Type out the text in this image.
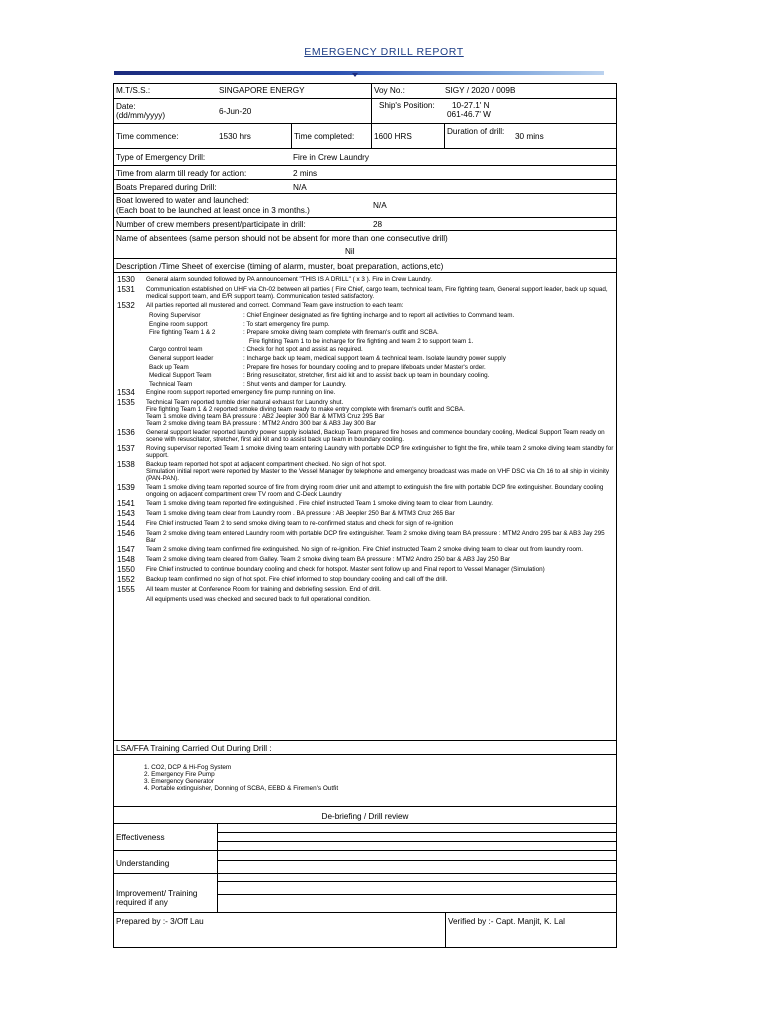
EMERGENCY DRILL REPORT
M.T/S.S.:	SINGAPORE ENERGY	Voy No.:	SIGY / 2020 / 009B
Date:
(dd/mm/yyyy)	6-Jun-20
Ship's Position: 10-27.1' N
061-46.7' W
Time commence:	1530 hrs	Time completed: 1600 HRS
Duration of drill:
30 mins
Type of Emergency Drill:	Fire in Crew Laundry
Time from alarm till ready for action:	2 mins
Boats Prepared during Drill:	N/A
Boat lowered to water and launched:
(Each boat to be launched at least once in 3 months.)
N/A
Number of crew members present/participate in drill:	28
Name of absentees (same person should not be absent for more than one consecutive drill)
Nil
Description /Time Sheet of exercise (timing of alarm, muster, boat preparation, actions,etc)
1530	General alarm sounded followed by PA announcement "THIS IS A DRILL" ( x 3 ). Fire in Crew Laundry.
1531	Communication established on UHF via Ch-02 between all parties ( Fire Chief, cargo team, technical team, Fire fighting team, General support leader, back up squad, medical support team, and E/R support team). Communication tested satisfactory.
1532	All parties reported all mustered and correct. Command Team gave instruction to each team:
Roving Supervisor	: Chief Engineer designated as fire fighting incharge and to report all activities to Command team.
Engine room support	: To start emergency fire pump.
Fire fighting Team 1 & 2	: Prepare smoke diving team complete with fireman's outfit and SCBA.
Fire fighting Team 1 to be incharge for fire fighting and team 2 to support team 1.
Cargo control team	: Check for hot spot and assist as required.
General support leader	: Incharge back up team, medical support team & technical team. Isolate laundry power supply
Back up Team	: Prepare fire hoses for boundary cooling and to prepare lifeboats under Master's order.
Medical Support Team	: Bring resuscitator, stretcher, first aid kit and to assist back up team in boundary cooling.
Technical Team	: Shut vents and damper for Laundry.
1534	Engine room support reported emergency fire pump running on line.
1535	Technical Team reported tumble drier natural exhaust for Laundry shut.
Fire fighting Team 1 & 2 reported smoke diving team ready to make entry complete with fireman's outfit and SCBA.
Team 1 smoke diving team BA pressure : AB2 Jeepler 300 Bar & MTM3 Cruz 295 Bar
Team 2 smoke diving team BA pressure : MTM2 Andro 300 bar & AB3 Jay 300 Bar
1536	General support leader reported laundry power supply isolated, Backup Team prepared fire hoses and commence boundary cooling, Medical Support Team ready on scene with resuscitator, stretcher, first aid kit and to assist back up team in boundary cooling.
1537	Roving supervisor reported Team 1 smoke diving team entering Laundry with portable DCP fire extinguisher to fight the fire, while team 2 smoke diving team standby for support.
1538	Backup team reported hot spot at adjacent compartment checked. No sign of hot spot.
Simulation initial report were reported by Master to the Vessel Manager by telephone and emergency broadcast was made on VHF DSC via Ch 16 to all ship in vicinity (PAN-PAN).
1539	Team 1 smoke diving team reported source of fire from drying room drier unit and attempt to extinguish the fire with portable DCP fire extinguisher. Boundary cooling ongoing on adjacent compartment crew TV room and C-Deck Laundry
1541	Team 1 smoke diving team reported fire extinguished . Fire chief instructed Team 1 smoke diving team to clear from Laundry.
1543	Team 1 smoke diving team clear from Laundry room . BA pressure : AB Jeepler 250 Bar & MTM3 Cruz 265 Bar
1544	Fire Chief instructed Team 2 to send smoke diving team to re-confirmed status and check for sign of re-ignition
1546	Team 2 smoke diving team entered Laundry room with portable DCP fire extinguisher. Team 2 smoke diving team BA pressure : MTM2 Andro 295 bar & AB3 Jay 295 Bar
1547	Team 2 smoke diving team confirmed fire extinguished. No sign of re-ignition. Fire Chief instructed Team 2 smoke diving team to clear out from laundry room.
1548	Team 2 smoke diving team cleared from Galley. Team 2 smoke diving team BA pressure : MTM2 Andro 250 bar & AB3 Jay 250 Bar
1550	Fire Chief instructed to continue boundary cooling and check for hotspot. Master sent follow up and Final report to Vessel Manager (Simulation)
1552	Backup team confirmed no sign of hot spot. Fire chief informed to stop boundary cooling and call off the drill.
1555	All team muster at Conference Room for training and debriefing session. End of drill.
All equipments used was checked and secured back to full operational condition.
LSA/FFA Training Carried Out During Drill :
1. CO2, DCP & Hi-Fog System
2. Emergency Fire Pump
3. Emergency Generator
4. Portable extinguisher, Donning of SCBA, EEBD & Firemen's Outfit
De-briefing / Drill review
Effectiveness
Understanding
Improvement/ Training
required if any
Prepared by :- 3/Off Lau	Verified by :- Capt. Manjit, K. Lal
